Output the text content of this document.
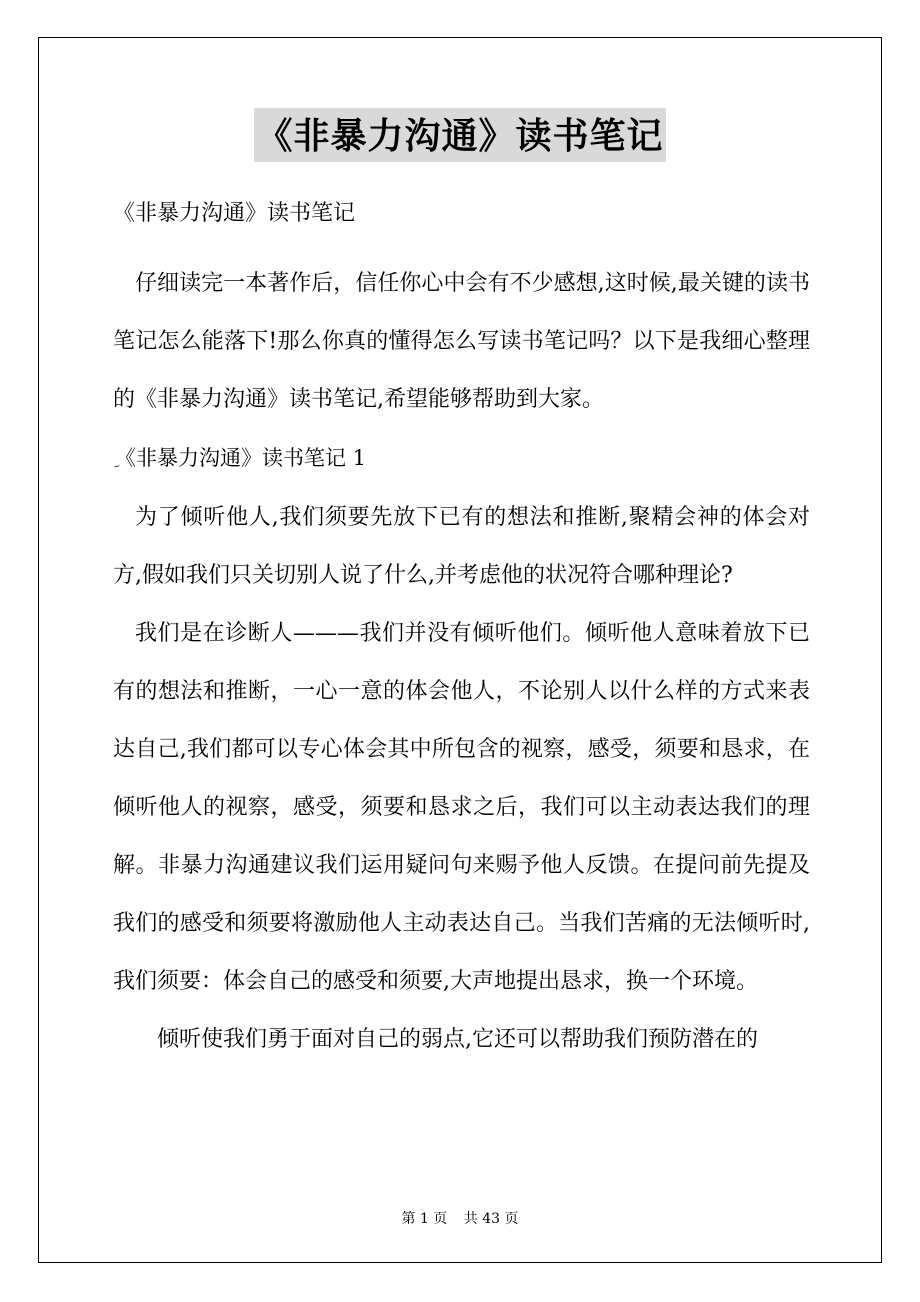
《非暴力沟通》读书笔记

《非暴力沟通》读书笔记

仔细读完一本著作后，信任你心中会有不少感想,这时候,最关键的读书笔记怎么能落下!那么你真的懂得怎么写读书笔记吗？以下是我细心整理的《非暴力沟通》读书笔记,希望能够帮助到大家。

《非暴力沟通》读书笔记 1

为了倾听他人,我们须要先放下已有的想法和推断,聚精会神的体会对方,假如我们只关切别人说了什么,并考虑他的状况符合哪种理论?

我们是在诊断人———我们并没有倾听他们。倾听他人意味着放下已有的想法和推断，一心一意的体会他人，不论别人以什么样的方式来表达自己,我们都可以专心体会其中所包含的视察，感受，须要和恳求，在倾听他人的视察，感受，须要和恳求之后，我们可以主动表达我们的理解。非暴力沟通建议我们运用疑问句来赐予他人反馈。在提问前先提及我们的感受和须要将激励他人主动表达自己。当我们苦痛的无法倾听时,我们须要：体会自己的感受和须要,大声地提出恳求，换一个环境。

倾听使我们勇于面对自己的弱点,它还可以帮助我们预防潜在的

第 1 页 共 43 页
